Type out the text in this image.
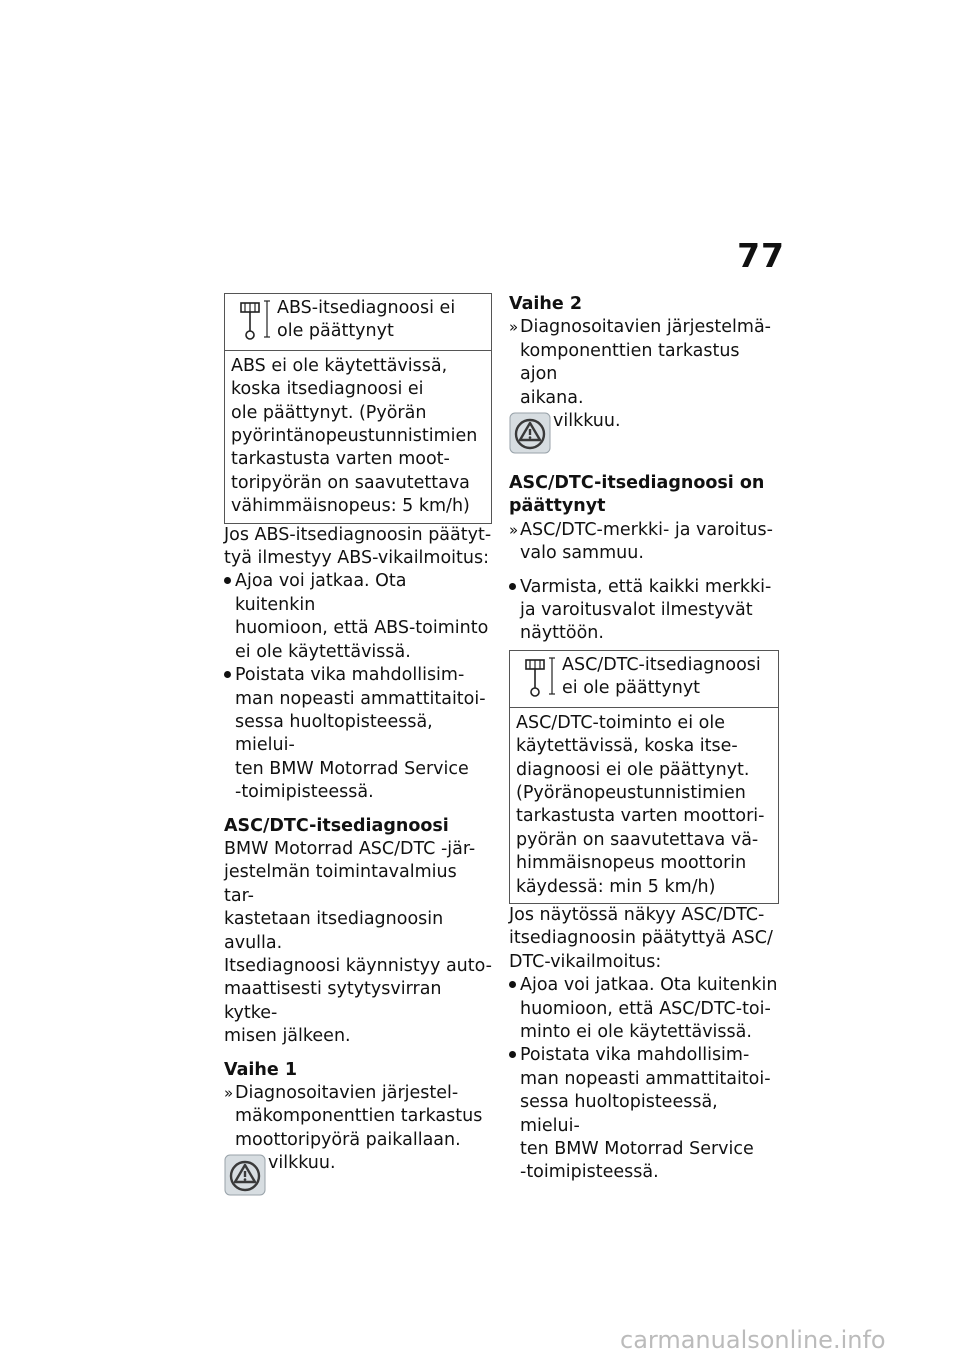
77
ABS-itsediagnoosi ei ole päättynyt

ABS ei ole käytettävissä,

koska itsediagnoosi ei

ole päättynyt. (Pyörän

pyörintänopeustunnistimien

tarkastusta varten moot-

toripyörän on saavutettava

vähimmäisnopeus: 5 km/h)

Jos ABS-itsediagnoosin päätyt-

tyä ilmestyy ABS-vikailmoitus:

Ajoa voi jatkaa. Ota kuitenkin

huomioon, että ABS-toiminto

ei ole käytettävissä.

Poistata vika mahdollisim-

man nopeasti ammattitaitoi-

sessa huoltopisteessä, mielui-

ten BMW Motorrad Service

-toimipisteessä.

ASC/DTC-itsediagnoosi

BMW Motorrad ASC/DTC -jär-

jestelmän toimintavalmius tar-

kastetaan itsediagnoosin avulla.

Itsediagnoosi käynnistyy auto-

maattisesti sytytysvirran kytke-

misen jälkeen.

Vaihe 1

» Diagnosoitavien järjestel-

mäkomponenttien tarkastus

moottoripyörä paikallaan.

vilkkuu.

Vaihe 2

» Diagnosoitavien järjestelmä-

komponenttien tarkastus ajon

aikana.

vilkkuu.

ASC/DTC-itsediagnoosi on

päättynyt

» ASC/DTC-merkki- ja varoitus-

valo sammuu.

Varmista, että kaikki merkki-

ja varoitusvalot ilmestyvät

näyttöön.

ASC/DTC-itsediagnoosi ei ole päättynyt

ASC/DTC-toiminto ei ole

käytettävissä, koska itse-

diagnoosi ei ole päättynyt.

(Pyöränopeustunnistimien

tarkastusta varten moottori-

pyörän on saavutettava vä-

himmäisnopeus moottorin

käydessä: min 5 km/h)

Jos näytössä näkyy ASC/DTC-

itsediagnoosin päätyttyä ASC/

DTC-vikailmoitus:

Ajoa voi jatkaa. Ota kuitenkin

huomioon, että ASC/DTC-toi-

minto ei ole käytettävissä.

Poistata vika mahdollisim-

man nopeasti ammattitaitoi-

sessa huoltopisteessä, mielui-

ten BMW Motorrad Service

-toimipisteessä.

carmanualsonline.info
